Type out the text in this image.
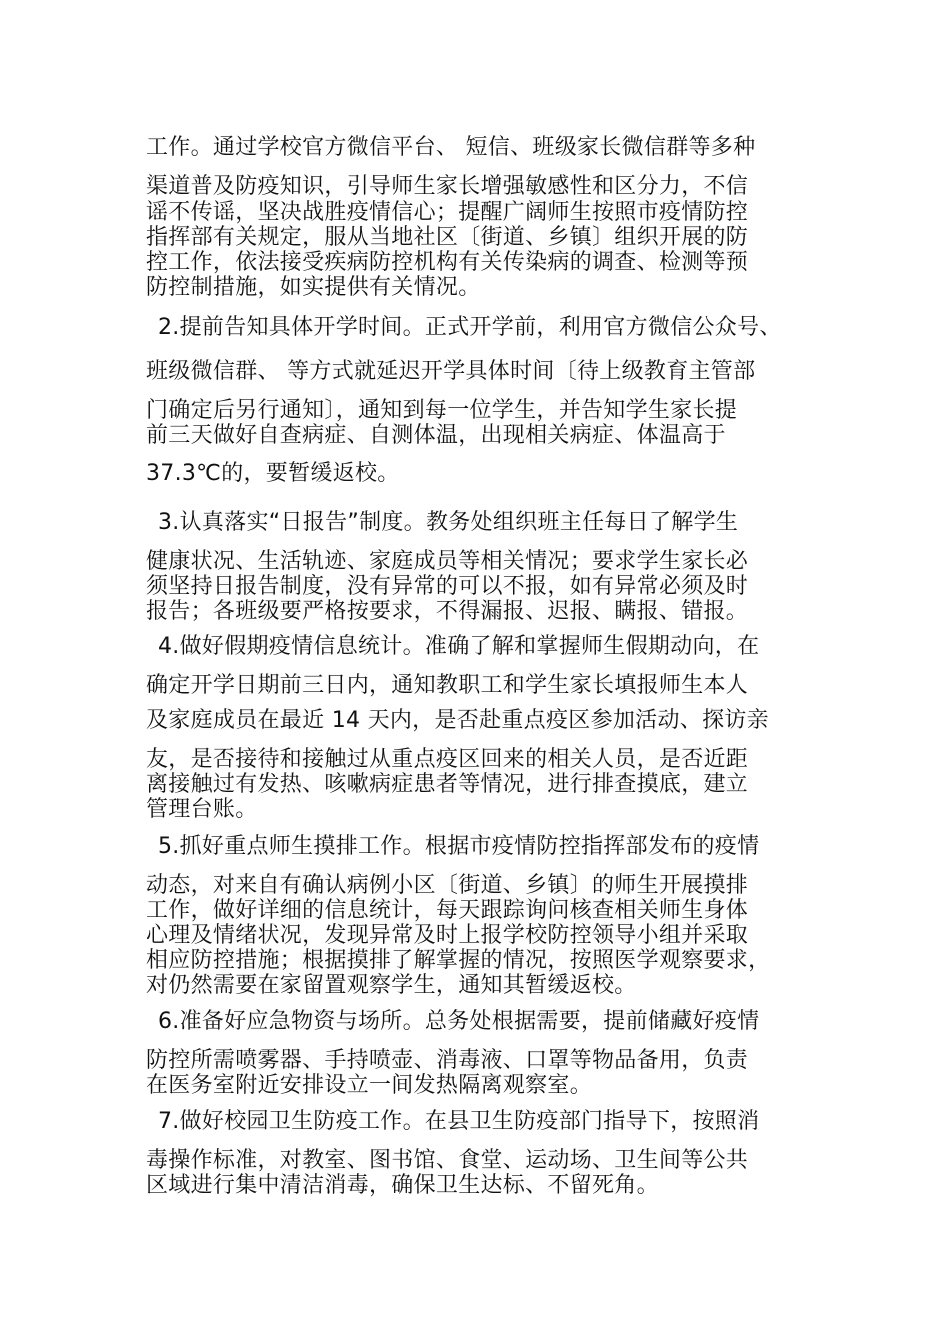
工作。通过学校官方微信平台、 短信、班级家长微信群等多种
渠道普及防疫知识，引导师生家长增强敏感性和区分力，不信
谣不传谣，坚决战胜疫情信心；提醒广阔师生按照市疫情防控
指挥部有关规定，服从当地社区〔街道、乡镇〕组织开展的防
控工作，依法接受疾病防控机构有关传染病的调查、检测等预
防控制措施，如实提供有关情况。
2.提前告知具体开学时间。正式开学前，利用官方微信公众号、
班级微信群、 等方式就延迟开学具体时间〔待上级教育主管部
门确定后另行通知〕，通知到每一位学生，并告知学生家长提
前三天做好自查病症、自测体温，出现相关病症、体温高于
37.3℃的，要暂缓返校。
3.认真落实“日报告”制度。教务处组织班主任每日了解学生
健康状况、生活轨迹、家庭成员等相关情况；要求学生家长必
须坚持日报告制度，没有异常的可以不报，如有异常必须及时
报告；各班级要严格按要求，不得漏报、迟报、瞒报、错报。
4.做好假期疫情信息统计。准确了解和掌握师生假期动向，在
确定开学日期前三日内，通知教职工和学生家长填报师生本人
及家庭成员在最近 14 天内，是否赴重点疫区参加活动、探访亲
友，是否接待和接触过从重点疫区回来的相关人员，是否近距
离接触过有发热、咳嗽病症患者等情况，进行排查摸底，建立
管理台账。
5.抓好重点师生摸排工作。根据市疫情防控指挥部发布的疫情
动态，对来自有确认病例小区〔街道、乡镇〕的师生开展摸排
工作，做好详细的信息统计，每天跟踪询问核查相关师生身体
心理及情绪状况，发现异常及时上报学校防控领导小组并采取
相应防控措施；根据摸排了解掌握的情况，按照医学观察要求，
对仍然需要在家留置观察学生，通知其暂缓返校。
6.准备好应急物资与场所。总务处根据需要，提前储藏好疫情
防控所需喷雾器、手持喷壶、消毒液、口罩等物品备用，负责
在医务室附近安排设立一间发热隔离观察室。
7.做好校园卫生防疫工作。在县卫生防疫部门指导下，按照消
毒操作标准，对教室、图书馆、食堂、运动场、卫生间等公共
区域进行集中清洁消毒，确保卫生达标、不留死角。
